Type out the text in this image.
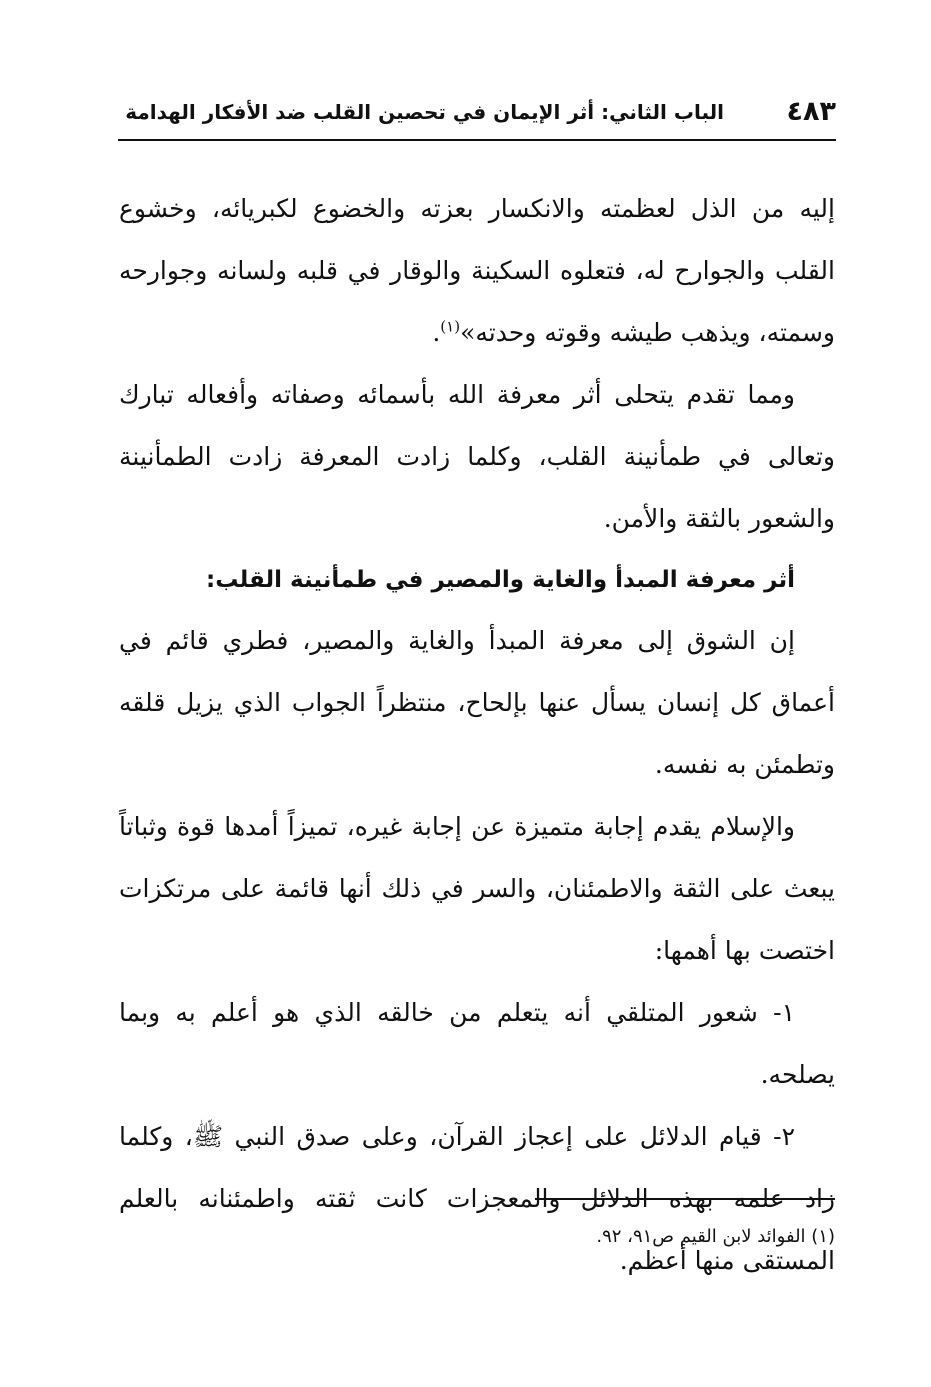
٤٨٣
الباب الثاني: أثر الإيمان في تحصين القلب ضد الأفكار الهدامة

إليه من الذل لعظمته والانكسار بعزته والخضوع لكبريائه، وخشوع القلب والجوارح له، فتعلوه السكينة والوقار في قلبه ولسانه وجوارحه وسمته، ويذهب طيشه وقوته وحدته»$^{(١)}$.

ومما تقدم يتحلى أثر معرفة الله بأسمائه وصفاته وأفعاله تبارك وتعالى في طمأنينة القلب، وكلما زادت المعرفة زادت الطمأنينة والشعور بالثقة والأمن.

أثر معرفة المبدأ والغاية والمصير في طمأنينة القلب:

إن الشوق إلى معرفة المبدأ والغاية والمصير، فطري قائم في أعماق كل إنسان يسأل عنها بإلحاح، منتظراً الجواب الذي يزيل قلقه وتطمئن به نفسه.

والإسلام يقدم إجابة متميزة عن إجابة غيره، تميزاً أمدها قوة وثباتاً يبعث على الثقة والاطمئنان، والسر في ذلك أنها قائمة على مرتكزات اختصت بها أهمها:

١- شعور المتلقي أنه يتعلم من خالقه الذي هو أعلم به وبما يصلحه.

٢- قيام الدلائل على إعجاز القرآن، وعلى صدق النبي ﷺ، وكلما زاد علمه بهذه الدلائل والمعجزات كانت ثقته واطمئنانه بالعلم المستقى منها أعظم.

(١) الفوائد لابن القيم ص٩١، ٩٢.
